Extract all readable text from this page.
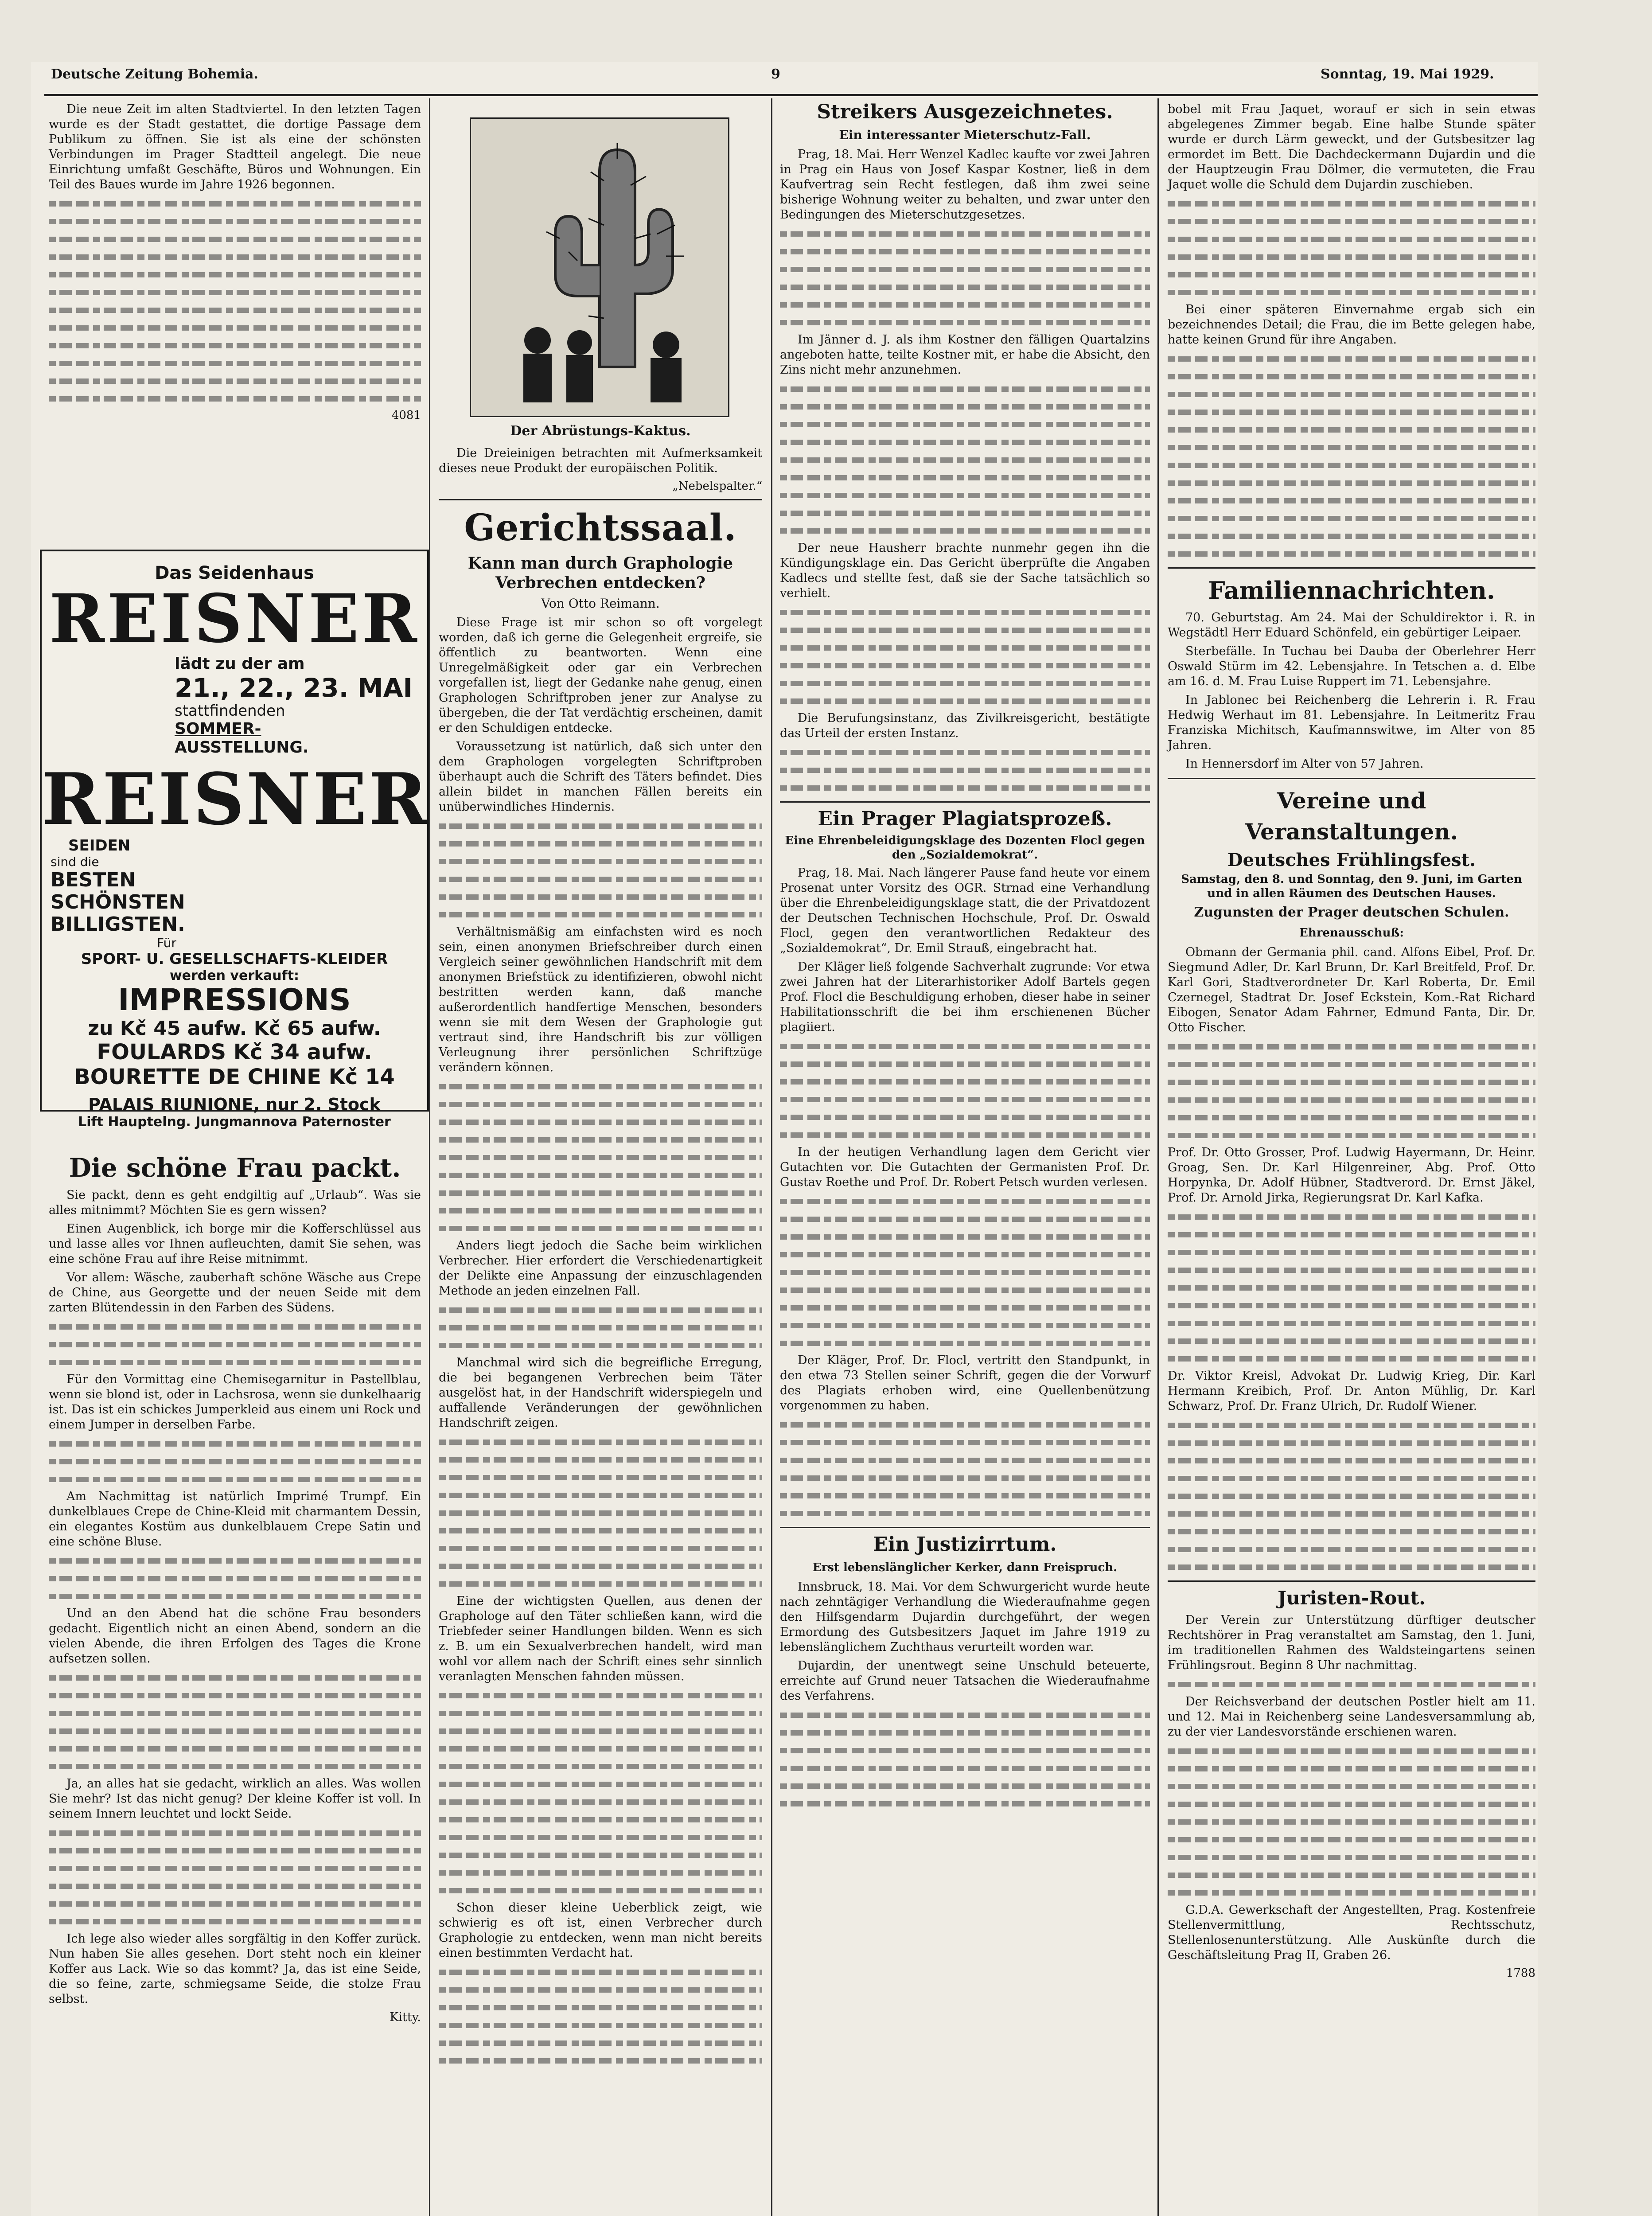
Deutsche Zeitung Bohemia.	9	Sonntag, 19. Mai 1929.

Die neue Zeit im alten Stadtviertel. In den letzten Tagen wurde es der Stadt gestattet, die dortige Passage dem Publikum zu öffnen. Sie ist als eine der schönsten Verbindungen im Prager Stadtteil angelegt. Die neue Einrichtung umfaßt Geschäfte, Büros und Wohnungen. Ein Teil des Baues wurde im Jahre 1926 begonnen.

4081
Das Seidenhaus
REISNER
lädt zu der am
21., 22., 23. MAI
stattfindenden
SOMMER-
AUSSTELLUNG.
REISNER
SEIDEN
sind die
BESTEN
SCHÖNSTEN
BILLIGSTEN.
Für
SPORT- U. GESELLSCHAFTS-KLEIDER
werden verkauft:
IMPRESSIONS
zu Kč 45 aufw. Kč 65 aufw.
FOULARDS Kč 34 aufw.
BOURETTE DE CHINE Kč 14
PALAIS RIUNIONE, nur 2. Stock
Lift Hauptelng. Jungmannova Paternoster
Die schöne Frau packt.

Sie packt, denn es geht endgiltig auf „Urlaub“. Was sie alles mitnimmt? Möchten Sie es gern wissen?

Einen Augenblick, ich borge mir die Kofferschlüssel aus und lasse alles vor Ihnen aufleuchten, damit Sie sehen, was eine schöne Frau auf ihre Reise mitnimmt.

Vor allem: Wäsche, zauberhaft schöne Wäsche aus Crepe de Chine, aus Georgette und der neuen Seide mit dem zarten Blütendessin in den Farben des Südens.

Für den Vormittag eine Chemisegarnitur in Pastellblau, wenn sie blond ist, oder in Lachsrosa, wenn sie dunkelhaarig ist. Das ist ein schickes Jumperkleid aus einem uni Rock und einem Jumper in derselben Farbe.

Am Nachmittag ist natürlich Imprimé Trumpf. Ein dunkelblaues Crepe de Chine-Kleid mit charmantem Dessin, ein elegantes Kostüm aus dunkelblauem Crepe Satin und eine schöne Bluse.

Und an den Abend hat die schöne Frau besonders gedacht. Eigentlich nicht an einen Abend, sondern an die vielen Abende, die ihren Erfolgen des Tages die Krone aufsetzen sollen.

Ja, an alles hat sie gedacht, wirklich an alles. Was wollen Sie mehr? Ist das nicht genug? Der kleine Koffer ist voll. In seinem Innern leuchtet und lockt Seide.

Ich lege also wieder alles sorgfältig in den Koffer zurück. Nun haben Sie alles gesehen. Dort steht noch ein kleiner Koffer aus Lack. Wie so das kommt? Ja, das ist eine Seide, die so feine, zarte, schmiegsame Seide, die stolze Frau selbst.

Kitty.
Der Abrüstungs-Kaktus.

Die Dreieinigen betrachten mit Aufmerksamkeit dieses neue Produkt der europäischen Politik.

„Nebelspalter.“
Gerichtssaal.
Kann man durch Graphologie Verbrechen entdecken?
Von Otto Reimann.

Diese Frage ist mir schon so oft vorgelegt worden, daß ich gerne die Gelegenheit ergreife, sie öffentlich zu beantworten. Wenn eine Unregelmäßigkeit oder gar ein Verbrechen vorgefallen ist, liegt der Gedanke nahe genug, einen Graphologen Schriftproben jener zur Analyse zu übergeben, die der Tat verdächtig erscheinen, damit er den Schuldigen entdecke.

Voraussetzung ist natürlich, daß sich unter den dem Graphologen vorgelegten Schriftproben überhaupt auch die Schrift des Täters befindet. Dies allein bildet in manchen Fällen bereits ein unüberwindliches Hindernis.

Verhältnismäßig am einfachsten wird es noch sein, einen anonymen Briefschreiber durch einen Vergleich seiner gewöhnlichen Handschrift mit dem anonymen Briefstück zu identifizieren, obwohl nicht bestritten werden kann, daß manche außerordentlich handfertige Menschen, besonders wenn sie mit dem Wesen der Graphologie gut vertraut sind, ihre Handschrift bis zur völligen Verleugnung ihrer persönlichen Schriftzüge verändern können.

Anders liegt jedoch die Sache beim wirklichen Verbrecher. Hier erfordert die Verschiedenartigkeit der Delikte eine Anpassung der einzuschlagenden Methode an jeden einzelnen Fall.

Manchmal wird sich die begreifliche Erregung, die bei begangenen Verbrechen beim Täter ausgelöst hat, in der Handschrift widerspiegeln und auffallende Veränderungen der gewöhnlichen Handschrift zeigen.

Eine der wichtigsten Quellen, aus denen der Graphologe auf den Täter schließen kann, wird die Triebfeder seiner Handlungen bilden. Wenn es sich z. B. um ein Sexualverbrechen handelt, wird man wohl vor allem nach der Schrift eines sehr sinnlich veranlagten Menschen fahnden müssen.

Schon dieser kleine Ueberblick zeigt, wie schwierig es oft ist, einen Verbrecher durch Graphologie zu entdecken, wenn man nicht bereits einen bestimmten Verdacht hat.

Streikers Ausgezeichnetes.
Ein interessanter Mieterschutz-Fall.

Prag, 18. Mai. Herr Wenzel Kadlec kaufte vor zwei Jahren in Prag ein Haus von Josef Kaspar Kostner, ließ in dem Kaufvertrag sein Recht festlegen, daß ihm zwei seine bisherige Wohnung weiter zu behalten, und zwar unter den Bedingungen des Mieterschutzgesetzes.

Im Jänner d. J. als ihm Kostner den fälligen Quartalzins angeboten hatte, teilte Kostner mit, er habe die Absicht, den Zins nicht mehr anzunehmen.

Der neue Hausherr brachte nunmehr gegen ihn die Kündigungsklage ein. Das Gericht überprüfte die Angaben Kadlecs und stellte fest, daß sie der Sache tatsächlich so verhielt.

Die Berufungsinstanz, das Zivilkreisgericht, bestätigte das Urteil der ersten Instanz.

Ein Prager Plagiatsprozeß.
Eine Ehrenbeleidigungsklage des Dozenten Flocl gegen den „Sozialdemokrat“.

Prag, 18. Mai. Nach längerer Pause fand heute vor einem Prosenat unter Vorsitz des OGR. Strnad eine Verhandlung über die Ehrenbeleidigungsklage statt, die der Privatdozent der Deutschen Technischen Hochschule, Prof. Dr. Oswald Flocl, gegen den verantwortlichen Redakteur des „Sozialdemokrat“, Dr. Emil Strauß, eingebracht hat.

Der Kläger ließ folgende Sachverhalt zugrunde: Vor etwa zwei Jahren hat der Literarhistoriker Adolf Bartels gegen Prof. Flocl die Beschuldigung erhoben, dieser habe in seiner Habilitationsschrift die bei ihm erschienenen Bücher plagiiert.

In der heutigen Verhandlung lagen dem Gericht vier Gutachten vor. Die Gutachten der Germanisten Prof. Dr. Gustav Roethe und Prof. Dr. Robert Petsch wurden verlesen.

Der Kläger, Prof. Dr. Flocl, vertritt den Standpunkt, in den etwa 73 Stellen seiner Schrift, gegen die der Vorwurf des Plagiats erhoben wird, eine Quellenbenützung vorgenommen zu haben.

Ein Justizirrtum.
Erst lebenslänglicher Kerker, dann Freispruch.

Innsbruck, 18. Mai. Vor dem Schwurgericht wurde heute nach zehntägiger Verhandlung die Wiederaufnahme gegen den Hilfsgendarm Dujardin durchgeführt, der wegen Ermordung des Gutsbesitzers Jaquet im Jahre 1919 zu lebenslänglichem Zuchthaus verurteilt worden war.

Dujardin, der unentwegt seine Unschuld beteuerte, erreichte auf Grund neuer Tatsachen die Wiederaufnahme des Verfahrens.

bobel mit Frau Jaquet, worauf er sich in sein etwas abgelegenes Zimmer begab. Eine halbe Stunde später wurde er durch Lärm geweckt, und der Gutsbesitzer lag ermordet im Bett. Die Dachdeckermann Dujardin und die der Hauptzeugin Frau Dölmer, die vermuteten, die Frau Jaquet wolle die Schuld dem Dujardin zuschieben.

Bei einer späteren Einvernahme ergab sich ein bezeichnendes Detail; die Frau, die im Bette gelegen habe, hatte keinen Grund für ihre Angaben.

Familiennachrichten.

70. Geburtstag. Am 24. Mai der Schuldirektor i. R. in Wegstädtl Herr Eduard Schönfeld, ein gebürtiger Leipaer.

Sterbefälle. In Tuchau bei Dauba der Oberlehrer Herr Oswald Stürm im 42. Lebensjahre. In Tetschen a. d. Elbe am 16. d. M. Frau Luise Ruppert im 71. Lebensjahre.

In Jablonec bei Reichenberg die Lehrerin i. R. Frau Hedwig Werhaut im 81. Lebensjahre. In Leitmeritz Frau Franziska Michitsch, Kaufmannswitwe, im Alter von 85 Jahren.

In Hennersdorf im Alter von 57 Jahren.

Vereine und Veranstaltungen.
Deutsches Frühlingsfest.
Samstag, den 8. und Sonntag, den 9. Juni, im Garten und in allen Räumen des Deutschen Hauses.
Zugunsten der Prager deutschen Schulen.
Ehrenausschuß:

Obmann der Germania phil. cand. Alfons Eibel, Prof. Dr. Siegmund Adler, Dr. Karl Brunn, Dr. Karl Breitfeld, Prof. Dr. Karl Gori, Stadtverordneter Dr. Karl Roberta, Dr. Emil Czernegel, Stadtrat Dr. Josef Eckstein, Kom.-Rat Richard Eibogen, Senator Adam Fahrner, Edmund Fanta, Dir. Dr. Otto Fischer.

Prof. Dr. Otto Grosser, Prof. Ludwig Hayermann, Dr. Heinr. Groag, Sen. Dr. Karl Hilgenreiner, Abg. Prof. Otto Horpynka, Dr. Adolf Hübner, Stadtverord. Dr. Ernst Jäkel, Prof. Dr. Arnold Jirka, Regierungsrat Dr. Karl Kafka.

Dr. Viktor Kreisl, Advokat Dr. Ludwig Krieg, Dir. Karl Hermann Kreibich, Prof. Dr. Anton Mühlig, Dr. Karl Schwarz, Prof. Dr. Franz Ulrich, Dr. Rudolf Wiener.

Juristen-Rout.

Der Verein zur Unterstützung dürftiger deutscher Rechtshörer in Prag veranstaltet am Samstag, den 1. Juni, im traditionellen Rahmen des Waldsteingartens seinen Frühlingsrout. Beginn 8 Uhr nachmittag.

Der Reichsverband der deutschen Postler hielt am 11. und 12. Mai in Reichenberg seine Landesversammlung ab, zu der vier Landesvorstände erschienen waren.

G.D.A. Gewerkschaft der Angestellten, Prag. Kostenfreie Stellenvermittlung, Rechtsschutz, Stellenlosenunterstützung. Alle Auskünfte durch die Geschäftsleitung Prag II, Graben 26.

1788
